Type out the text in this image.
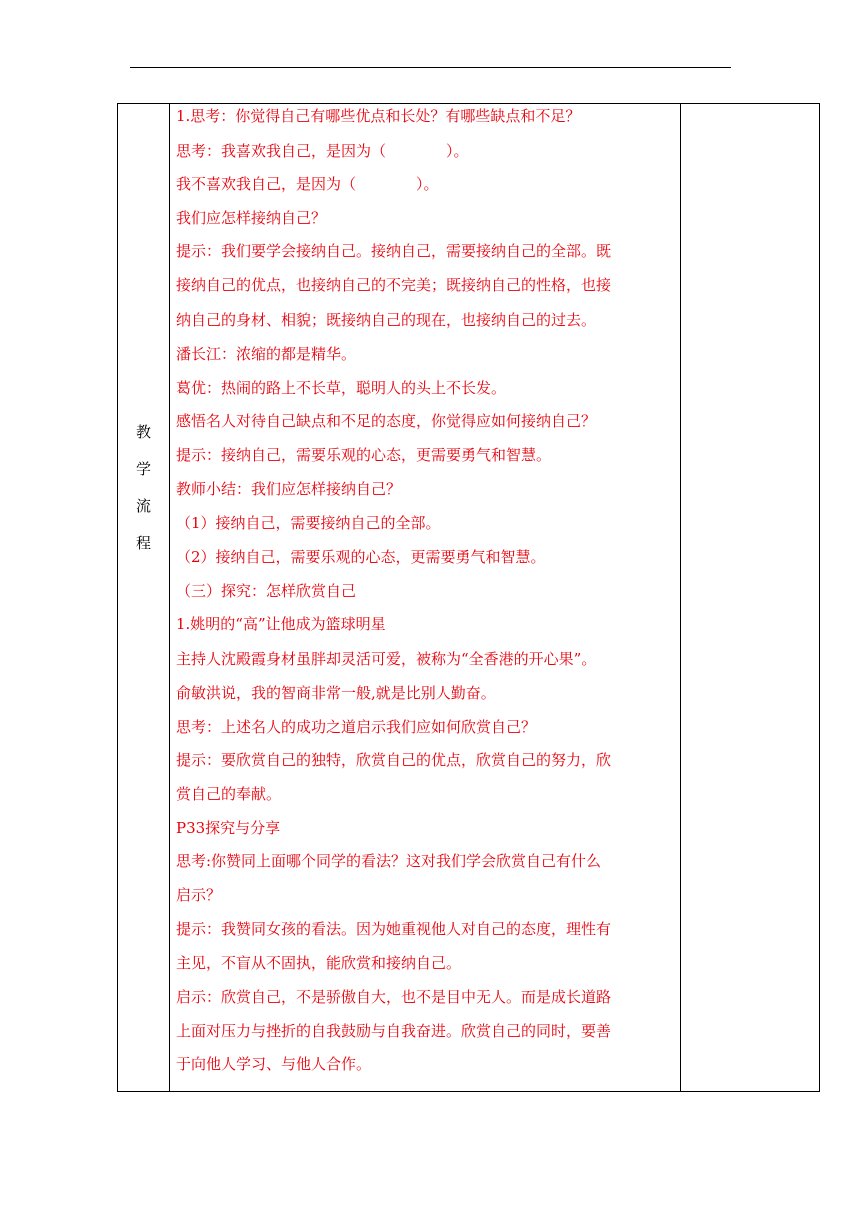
教
学
流
程
1.思考：你觉得自己有哪些优点和长处？有哪些缺点和不足？
思考：我喜欢我自己，是因为（　　　　）。
我不喜欢我自己，是因为（　　　　）。
我们应怎样接纳自己？
提示：我们要学会接纳自己。接纳自己，需要接纳自己的全部。既
接纳自己的优点，也接纳自己的不完美；既接纳自己的性格，也接
纳自己的身材、相貌；既接纳自己的现在，也接纳自己的过去。
潘长江：浓缩的都是精华。
葛优：热闹的路上不长草，聪明人的头上不长发。
感悟名人对待自己缺点和不足的态度，你觉得应如何接纳自己？
提示：接纳自己，需要乐观的心态，更需要勇气和智慧。
教师小结：我们应怎样接纳自己？
（1）接纳自己，需要接纳自己的全部。
（2）接纳自己，需要乐观的心态，更需要勇气和智慧。
（三）探究：怎样欣赏自己
1.姚明的“高”让他成为篮球明星
主持人沈殿霞身材虽胖却灵活可爱，被称为“全香港的开心果”。
俞敏洪说，我的智商非常一般,就是比别人勤奋。
思考：上述名人的成功之道启示我们应如何欣赏自己？
提示：要欣赏自己的独特，欣赏自己的优点，欣赏自己的努力，欣
赏自己的奉献。
P33探究与分享
思考:你赞同上面哪个同学的看法？这对我们学会欣赏自己有什么
启示？
提示：我赞同女孩的看法。因为她重视他人对自己的态度，理性有
主见，不盲从不固执，能欣赏和接纳自己。
启示：欣赏自己，不是骄傲自大，也不是目中无人。而是成长道路
上面对压力与挫折的自我鼓励与自我奋进。欣赏自己的同时，要善
于向他人学习、与他人合作。
